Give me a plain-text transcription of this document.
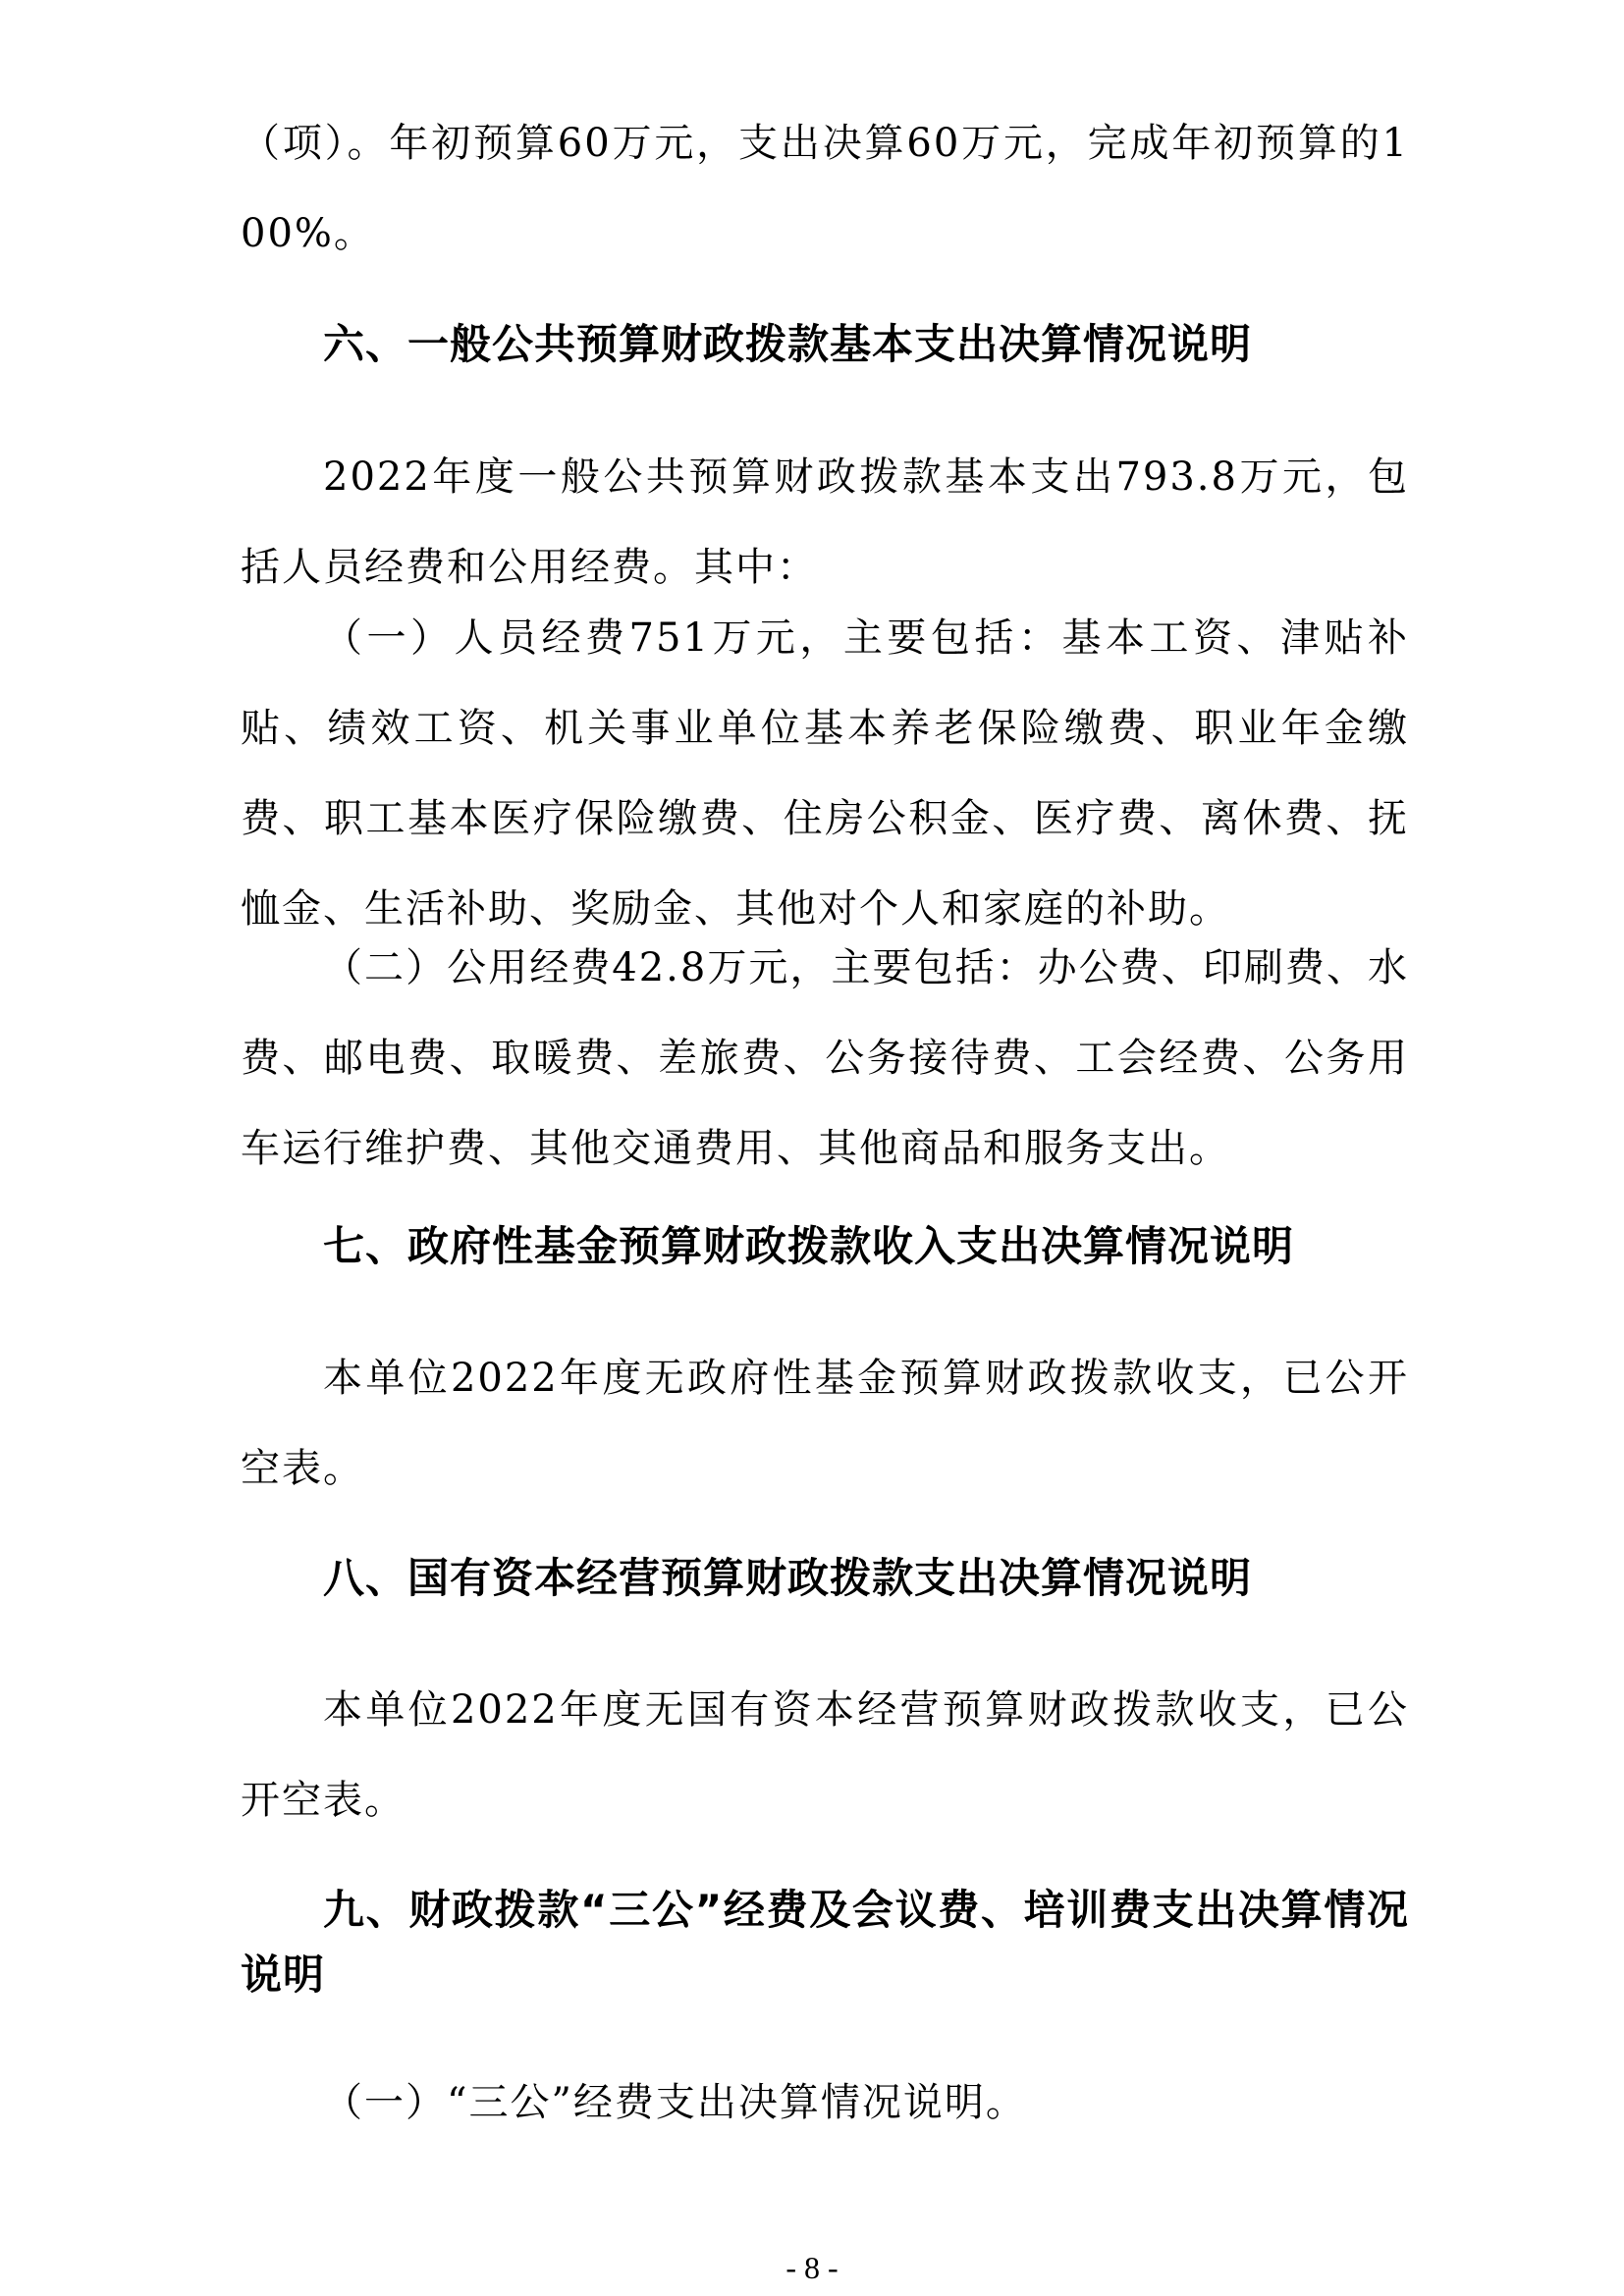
（项）。年初预算60万元，支出决算60万元，完成年初预算的100%。

六、一般公共预算财政拨款基本支出决算情况说明

2022年度一般公共预算财政拨款基本支出793.8万元，包括人员经费和公用经费。其中：

（一）人员经费751万元，主要包括：基本工资、津贴补贴、绩效工资、机关事业单位基本养老保险缴费、职业年金缴费、职工基本医疗保险缴费、住房公积金、医疗费、离休费、抚恤金、生活补助、奖励金、其他对个人和家庭的补助。

（二）公用经费42.8万元，主要包括：办公费、印刷费、水费、邮电费、取暖费、差旅费、公务接待费、工会经费、公务用车运行维护费、其他交通费用、其他商品和服务支出。

七、政府性基金预算财政拨款收入支出决算情况说明

本单位2022年度无政府性基金预算财政拨款收支，已公开空表。

八、国有资本经营预算财政拨款支出决算情况说明

本单位2022年度无国有资本经营预算财政拨款收支，已公开空表。

九、财政拨款“三公”经费及会议费、培训费支出决算情况说明

（一）“三公”经费支出决算情况说明。

- 8 -
